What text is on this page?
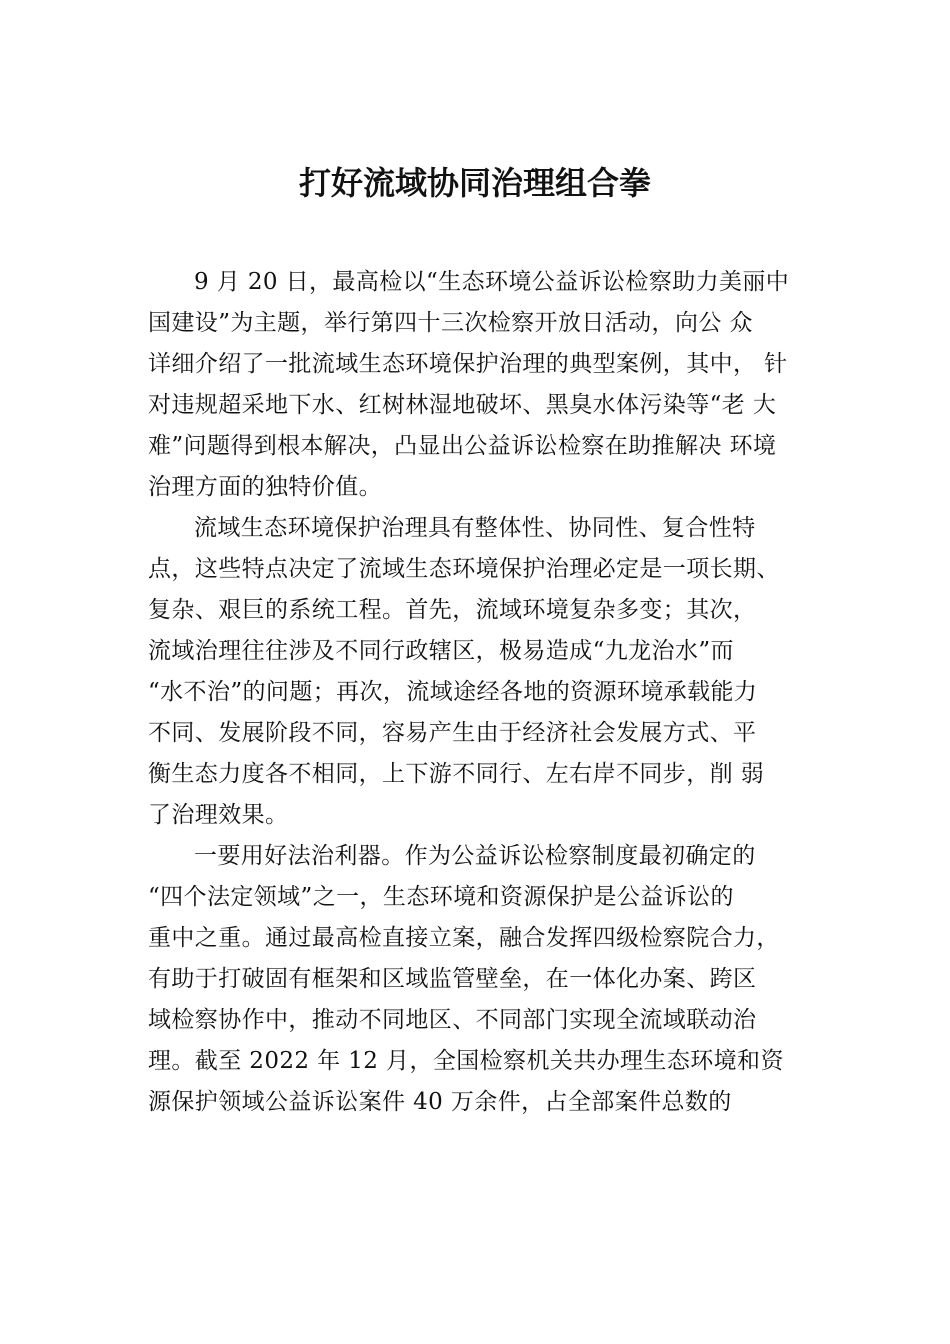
打好流域协同治理组合拳
9 月 20 日，最高检以“生态环境公益诉讼检察助力美丽中
国建设”为主题，举行第四十三次检察开放日活动，向公 众
详细介绍了一批流域生态环境保护治理的典型案例，其中， 针
对违规超采地下水、红树林湿地破坏、黑臭水体污染等“老 大
难”问题得到根本解决，凸显出公益诉讼检察在助推解决 环境
治理方面的独特价值。
流域生态环境保护治理具有整体性、协同性、复合性特
点，这些特点决定了流域生态环境保护治理必定是一项长期、
复杂、艰巨的系统工程。首先，流域环境复杂多变；其次，
流域治理往往涉及不同行政辖区，极易造成“九龙治水”而
“水不治”的问题；再次，流域途经各地的资源环境承载能力
不同、发展阶段不同，容易产生由于经济社会发展方式、平
衡生态力度各不相同，上下游不同行、左右岸不同步，削 弱
了治理效果。
一要用好法治利器。作为公益诉讼检察制度最初确定的
“四个法定领域”之一，生态环境和资源保护是公益诉讼的
重中之重。通过最高检直接立案，融合发挥四级检察院合力，
有助于打破固有框架和区域监管壁垒，在一体化办案、跨区
域检察协作中，推动不同地区、不同部门实现全流域联动治
理。截至 2022 年 12 月，全国检察机关共办理生态环境和资
源保护领域公益诉讼案件 40 万余件，占全部案件总数的
